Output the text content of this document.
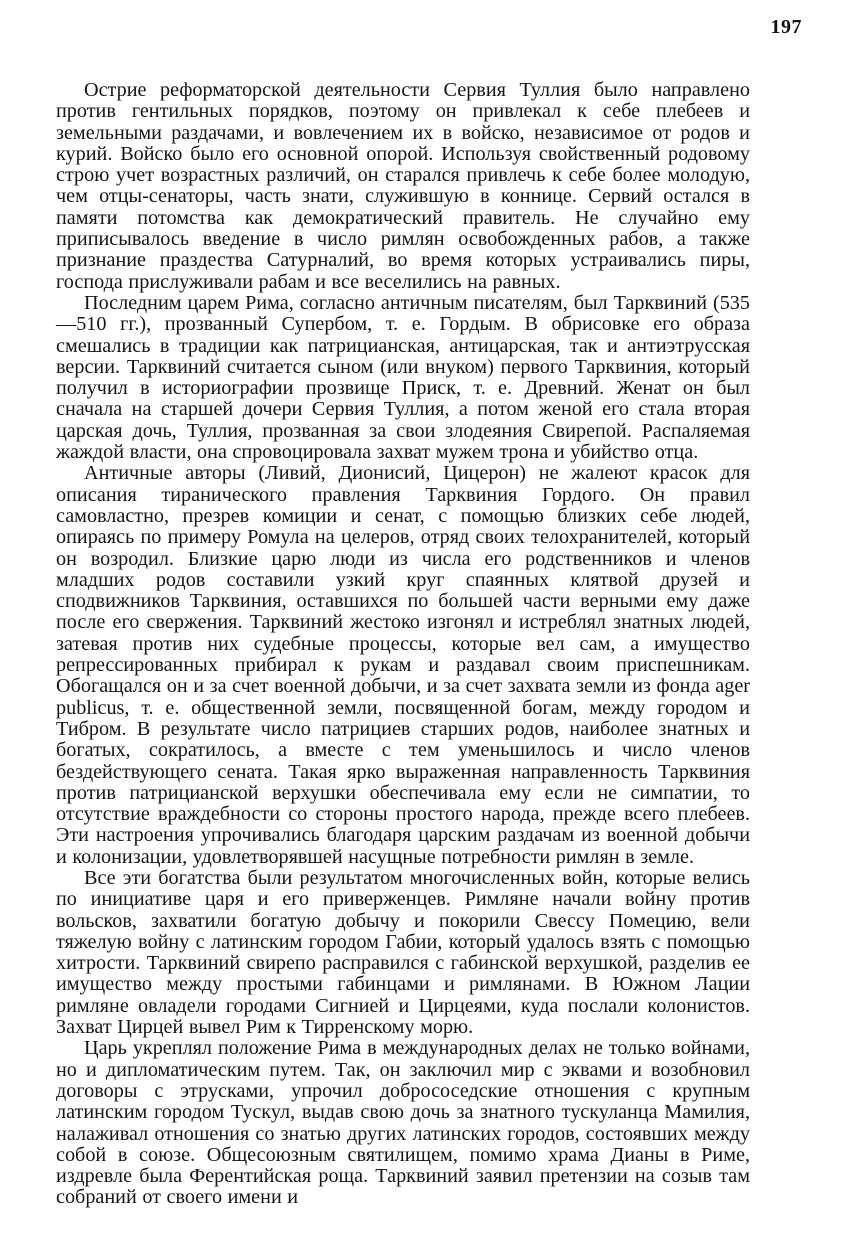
197

Острие реформаторской деятельности Сервия Туллия было направлено против гентильных порядков, поэтому он привлекал к себе плебеев и земельными раздачами, и вовлечением их в войско, независимое от родов и курий. Войско было его основной опорой. Используя свойственный родовому строю учет возрастных различий, он старался привлечь к себе более молодую, чем отцы-сенаторы, часть знати, служившую в коннице. Сервий остался в памяти потомства как демократический правитель. Не случайно ему приписывалось введение в число римлян освобожденных рабов, а также признание праздества Сатурналий, во время которых устраивались пиры, господа прислуживали рабам и все веселились на равных.

Последним царем Рима, согласно античным писателям, был Тарквиний (535—510 гг.), прозванный Супербом, т. е. Гордым. В обрисовке его образа смешались в традиции как патрицианская, антицарская, так и антиэтрусская версии. Тарквиний считается сыном (или внуком) первого Тарквиния, который получил в историографии прозвище Приск, т. е. Древний. Женат он был сначала на старшей дочери Сервия Туллия, а потом женой его стала вторая царская дочь, Туллия, прозванная за свои злодеяния Свирепой. Распаляемая жаждой власти, она спровоцировала захват мужем трона и убийство отца.

Античные авторы (Ливий, Дионисий, Цицерон) не жалеют красок для описания тиранического правления Тарквиния Гордого. Он правил самовластно, презрев комиции и сенат, с помощью близких себе людей, опираясь по примеру Ромула на целеров, отряд своих телохранителей, который он возродил. Близкие царю люди из числа его родственников и членов младших родов составили узкий круг спаянных клятвой друзей и сподвижников Тарквиния, оставшихся по большей части верными ему даже после его свержения. Тарквиний жестоко изгонял и истреблял знатных людей, затевая против них судебные процессы, которые вел сам, а имущество репрессированных прибирал к рукам и раздавал своим приспешникам. Обогащался он и за счет военной добычи, и за счет захвата земли из фонда ager publicus, т. е. общественной земли, посвященной богам, между городом и Тибром. В результате число патрициев старших родов, наиболее знатных и богатых, сократилось, а вместе с тем уменьшилось и число членов бездействующего сената. Такая ярко выраженная направленность Тарквиния против патрицианской верхушки обеспечивала ему если не симпатии, то отсутствие враждебности со стороны простого народа, прежде всего плебеев. Эти настроения упрочивались благодаря царским раздачам из военной добычи и колонизации, удовлетворявшей насущные потребности римлян в земле.

Все эти богатства были результатом многочисленных войн, которые велись по инициативе царя и его приверженцев. Римляне начали войну против вольсков, захватили богатую добычу и покорили Свессу Помецию, вели тяжелую войну с латинским городом Габии, который удалось взять с помощью хитрости. Тарквиний свирепо расправился с габинской верхушкой, разделив ее имущество между простыми габинцами и римлянами. В Южном Лации римляне овладели городами Сигнией и Цирцеями, куда послали колонистов. Захват Цирцей вывел Рим к Тирренскому морю.

Царь укреплял положение Рима в международных делах не только войнами, но и дипломатическим путем. Так, он заключил мир с эквами и возобновил договоры с этрусками, упрочил добрососедские отношения с крупным латинским городом Тускул, выдав свою дочь за знатного тускуланца Мамилия, налаживал отношения со знатью других латинских городов, состоявших между собой в союзе. Общесоюзным святилищем, помимо храма Дианы в Риме, издревле была Ферентийская роща. Тарквиний заявил претензии на созыв там собраний от своего имени и
